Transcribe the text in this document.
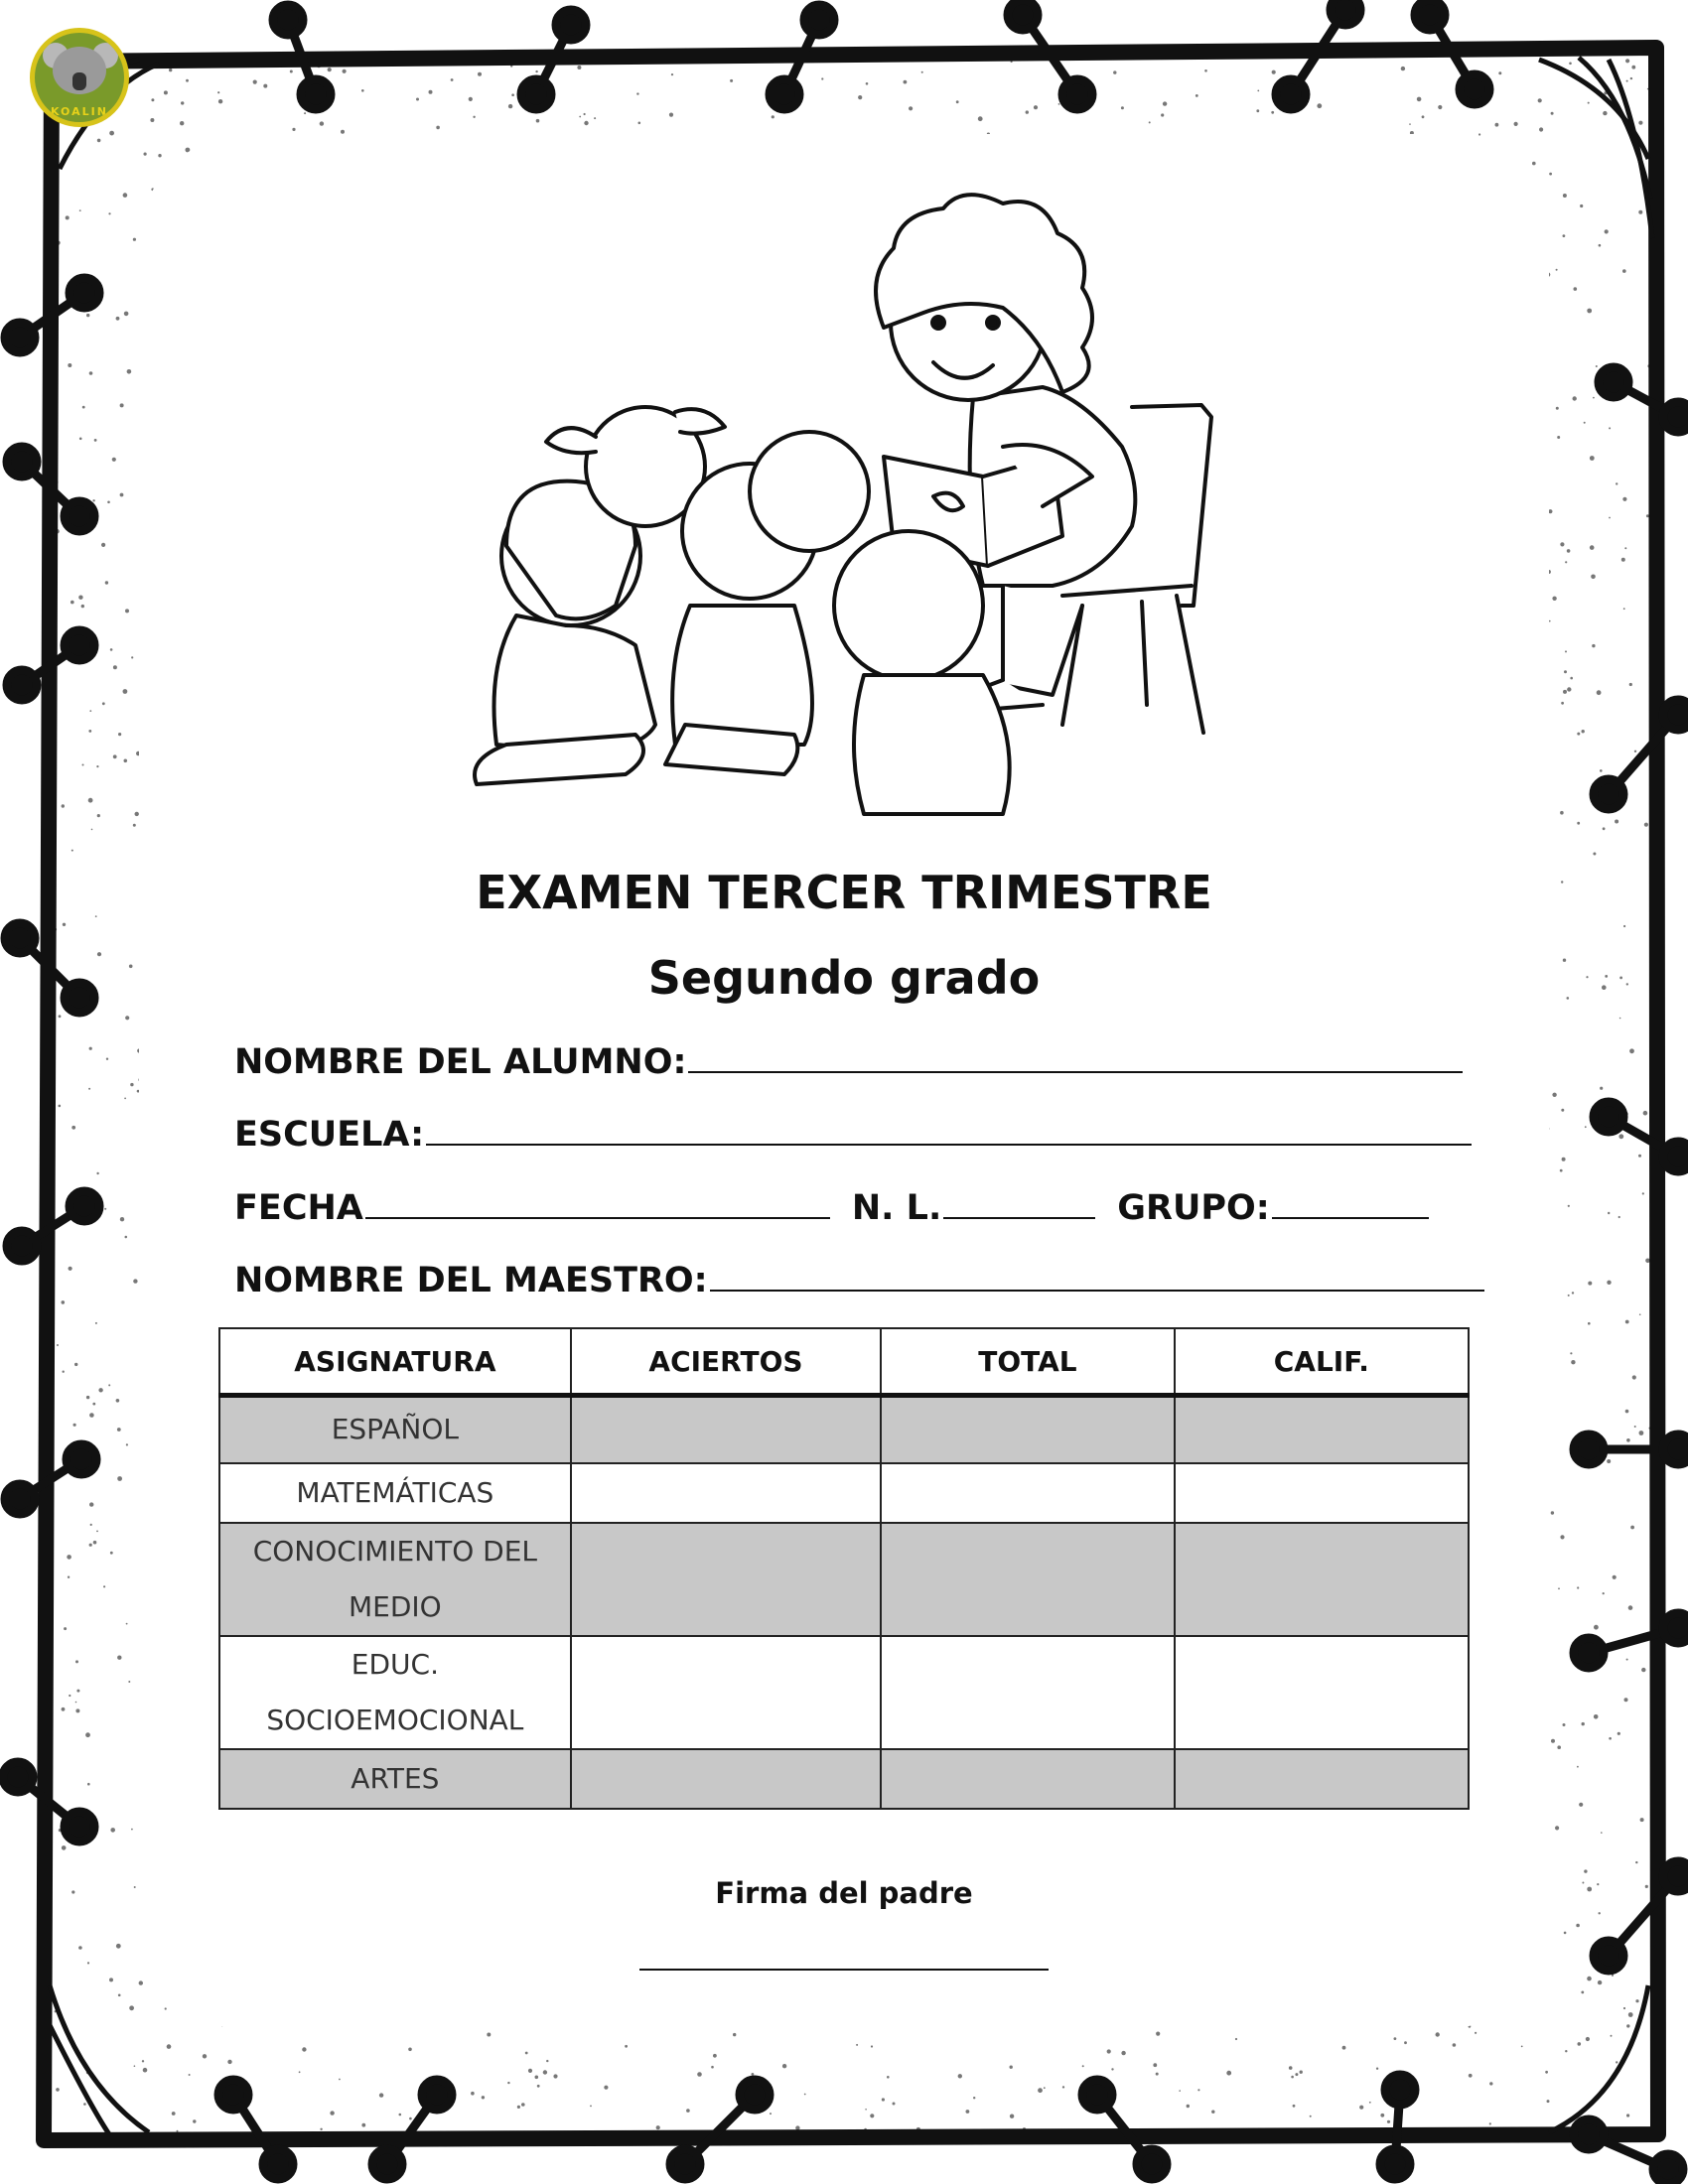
KOALIN
EXAMEN TERCER TRIMESTRE
Segundo grado
NOMBRE DEL ALUMNO:
ESCUELA:
FECHA	N. L.	GRUPO:
NOMBRE DEL MAESTRO:
ASIGNATURA	ACIERTOS	TOTAL	CALIF.
ESPAÑOL			
MATEMÁTICAS			
CONOCIMIENTO DEL MEDIO			
EDUC. SOCIOEMOCIONAL			
ARTES			
Firma del padre
